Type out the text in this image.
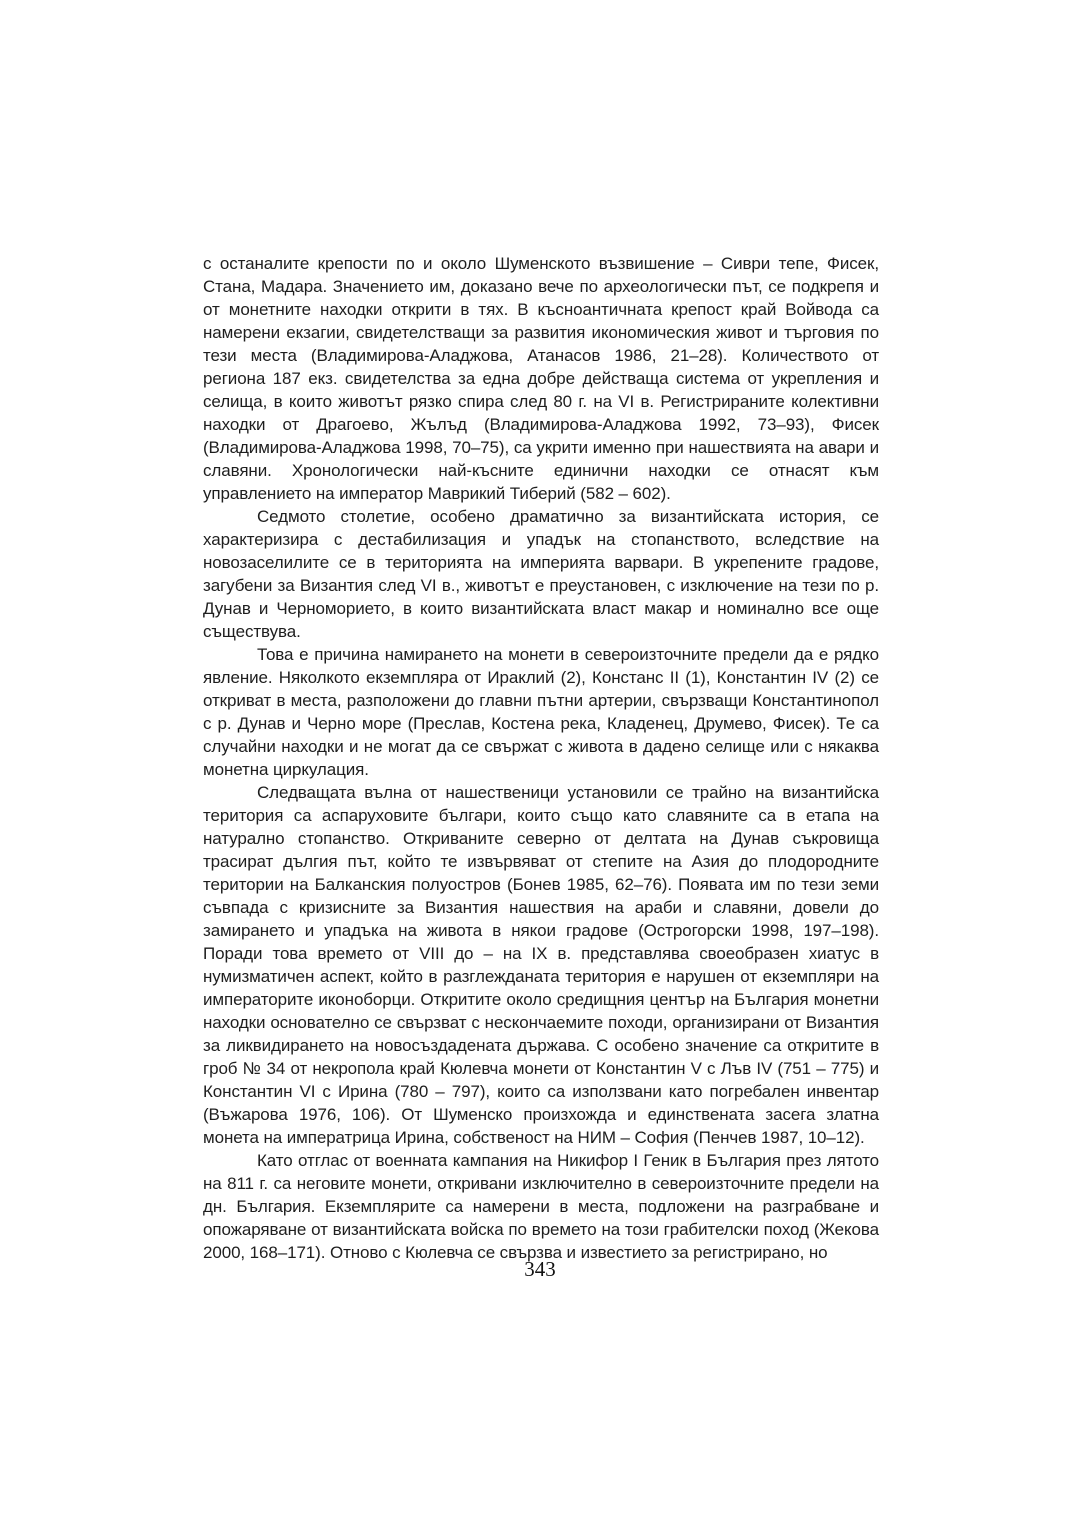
с останалите крепости по и около Шуменското възвишение – Сиври тепе, Фисек, Стана, Мадара. Значението им, доказано вече по археологически път, се подкрепя и от монетните находки открити в тях. В късноантичната крепост край Войвода са намерени екзагии, свидетелстващи за развития икономическия живот и търговия по тези места (Владимирова-Аладжова, Атанасов 1986, 21–28). Количеството от региона 187 екз. свидетелства за една добре действаща система от укрепления и селища, в които животът рязко спира след 80 г. на VI в. Регистрираните колективни находки от Драгоево, Жълъд (Владимирова-Аладжова 1992, 73–93), Фисек (Владимирова-Аладжова 1998, 70–75), са укрити именно при нашествията на авари и славяни. Хронологически най-късните единични находки се отнасят към управлението на император Маврикий Тиберий (582 – 602).

Седмото столетие, особено драматично за византийската история, се характеризира с дестабилизация и упадък на стопанството, вследствие на новозаселилите се в територията на империята варвари. В укрепените градове, загубени за Византия след VI в., животът е преустановен, с изключение на тези по р. Дунав и Черноморието, в които византийската власт макар и номинално все още съществува.

Това е причина намирането на монети в североизточните предели да е рядко явление. Няколкото екземпляра от Ираклий (2), Констанс II (1), Константин IV (2) се откриват в места, разположени до главни пътни артерии, свързващи Константинопол с р. Дунав и Черно море (Преслав, Костена река, Кладенец, Друмево, Фисек). Те са случайни находки и не могат да се свържат с живота в дадено селище или с някаква монетна циркулация.

Следващата вълна от нашественици установили се трайно на византийска територия са аспаруховите българи, които също като славяните са в етапа на натурално стопанство. Откриваните северно от делтата на Дунав съкровища трасират дългия път, който те извървяват от степите на Азия до плодородните територии на Балканския полуостров (Бонев 1985, 62–76). Появата им по тези земи съвпада с кризисните за Византия нашествия на араби и славяни, довели до замирането и упадъка на живота в някои градове (Острогорски 1998, 197–198). Поради това времето от VIII до – на IX в. представлява своеобразен хиатус в нумизматичен аспект, който в разглежданата територия е нарушен от екземпляри на императорите иконоборци. Откритите около средищния център на България монетни находки основателно се свързват с нескончаемите походи, организирани от Византия за ликвидирането на новосъздадената държава. С особено значение са откритите в гроб № 34 от некропола край Кюлевча монети от Константин V с Лъв IV (751 – 775) и Константин VI с Ирина (780 – 797), които са използвани като погребален инвентар (Въжарова 1976, 106). От Шуменско произхожда и единствената засега златна монета на императрица Ирина, собственост на НИМ – София (Пенчев 1987, 10–12).

Като отглас от военната кампания на Никифор I Геник в България през лятото на 811 г. са неговите монети, откривани изключително в североизточните предели на дн. България. Екземплярите са намерени в места, подложени на разграбване и опожаряване от византийската войска по времето на този грабителски поход (Жекова 2000, 168–171). Отново с Кюлевча се свързва и известието за регистрирано, но

343
